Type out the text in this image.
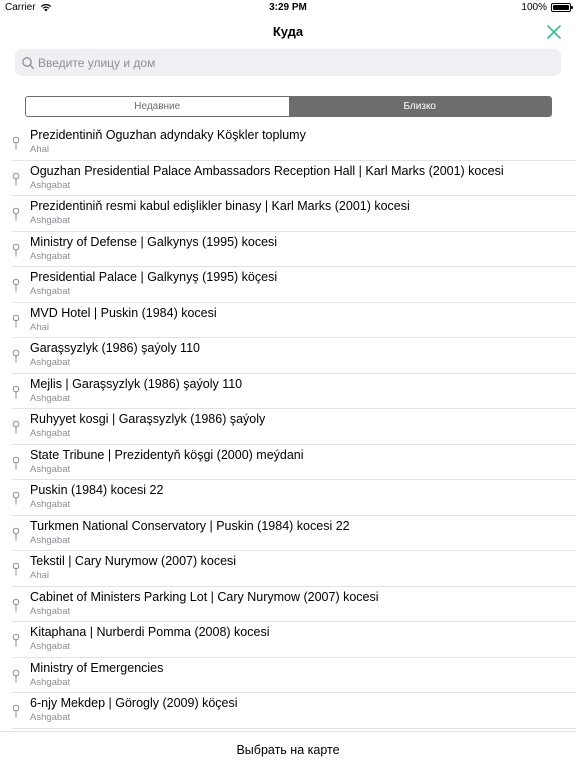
Carrier	3:29 PM	100%
Куда
Введите улицу и дом
Недавние	Близко
Prezidentiniň Oguzhan adyndaky Köşkler toplumy
Ahal
Oguzhan Presidential Palace Ambassadors Reception Hall | Karl Marks (2001) kocesi
Ashgabat
Prezidentiniň resmi kabul edişlikler binasy | Karl Marks (2001) kocesi
Ashgabat
Ministry of Defense | Galkynys (1995) kocesi
Ashgabat
Presidential Palace | Galkynyş (1995) köçesi
Ashgabat
MVD Hotel | Puskin (1984) kocesi
Ahal
Garaşsyzlyk (1986) şaýoly 110
Ashgabat
Mejlis | Garaşsyzlyk (1986) şaýoly 110
Ashgabat
Ruhyyet kosgi | Garaşsyzlyk (1986) şaýoly
Ashgabat
State Tribune | Prezidentyň köşgi (2000) meýdani
Ashgabat
Puskin (1984) kocesi 22
Ashgabat
Turkmen National Conservatory | Puskin (1984) kocesi 22
Ashgabat
Tekstil | Cary Nurymow (2007) kocesi
Ahal
Cabinet of Ministers Parking Lot | Cary Nurymow (2007) kocesi
Ashgabat
Kitaphana | Nurberdi Pomma (2008) kocesi
Ashgabat
Ministry of Emergencies
Ashgabat
6-njy Mekdep | Görogly (2009) köçesi
Ashgabat
Выбрать на карте
